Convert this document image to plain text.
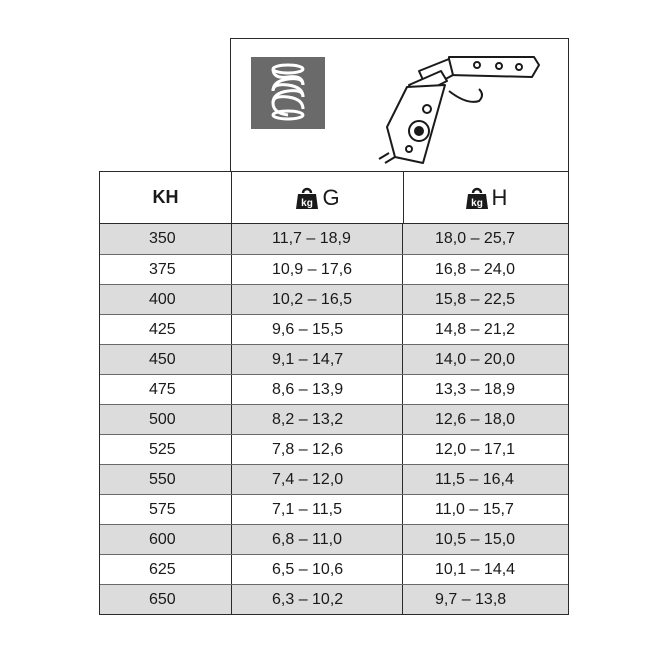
KH	kg G	kg H
350	11,7 – 18,9	18,0 – 25,7
375	10,9 – 17,6	16,8 – 24,0
400	10,2 – 16,5	15,8 – 22,5
425	9,6 – 15,5	14,8 – 21,2
450	9,1 – 14,7	14,0 – 20,0
475	8,6 – 13,9	13,3 – 18,9
500	8,2 – 13,2	12,6 – 18,0
525	7,8 – 12,6	12,0 – 17,1
550	7,4 – 12,0	11,5 – 16,4
575	7,1 – 11,5	11,0 – 15,7
600	6,8 – 11,0	10,5 – 15,0
625	6,5 – 10,6	10,1 – 14,4
650	6,3 – 10,2	9,7 – 13,8
